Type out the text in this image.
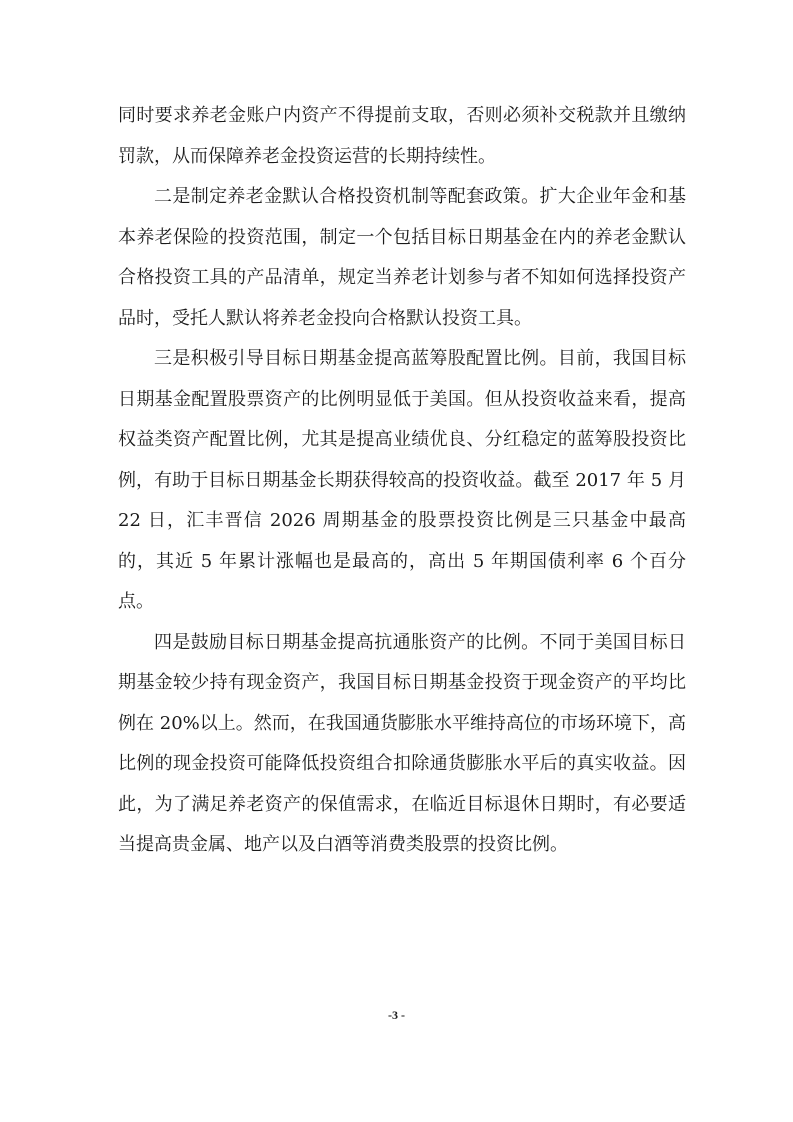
同时要求养老金账户内资产不得提前支取，否则必须补交税款并且缴纳罚款，从而保障养老金投资运营的长期持续性。

二是制定养老金默认合格投资机制等配套政策。扩大企业年金和基本养老保险的投资范围，制定一个包括目标日期基金在内的养老金默认合格投资工具的产品清单，规定当养老计划参与者不知如何选择投资产品时，受托人默认将养老金投向合格默认投资工具。

三是积极引导目标日期基金提高蓝筹股配置比例。目前，我国目标日期基金配置股票资产的比例明显低于美国。但从投资收益来看，提高权益类资产配置比例，尤其是提高业绩优良、分红稳定的蓝筹股投资比例，有助于目标日期基金长期获得较高的投资收益。截至 2017 年 5 月 22 日，汇丰晋信 2026 周期基金的股票投资比例是三只基金中最高的，其近 5 年累计涨幅也是最高的，高出 5 年期国债利率 6 个百分点。

四是鼓励目标日期基金提高抗通胀资产的比例。不同于美国目标日期基金较少持有现金资产，我国目标日期基金投资于现金资产的平均比例在 20%以上。然而，在我国通货膨胀水平维持高位的市场环境下，高比例的现金投资可能降低投资组合扣除通货膨胀水平后的真实收益。因此，为了满足养老资产的保值需求，在临近目标退休日期时，有必要适当提高贵金属、地产以及白酒等消费类股票的投资比例。

-3 -
